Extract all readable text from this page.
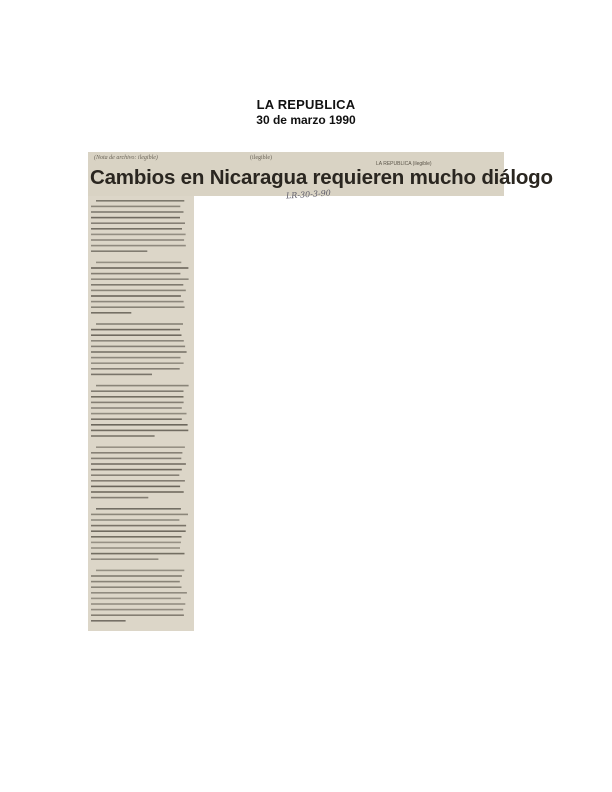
LA REPUBLICA
30 de marzo 1990
(Nota de archivo: ilegible)	(ilegible)
LA REPUBLICA (ilegible)
Cambios en Nicaragua requieren mucho diálogo
LR-30-3-90
